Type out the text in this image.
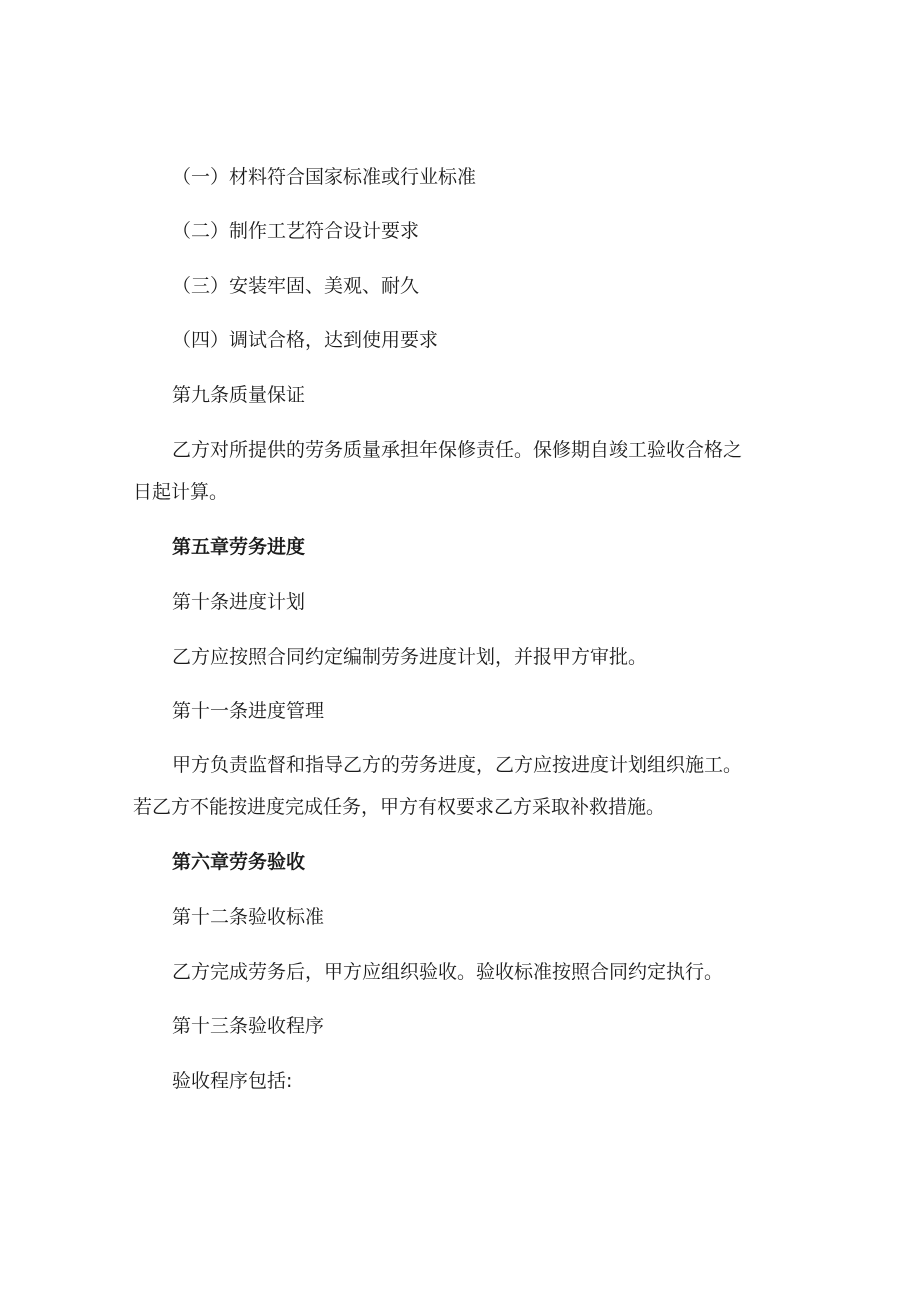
（一）材料符合国家标准或行业标准

（二）制作工艺符合设计要求

（三）安装牢固、美观、耐久

（四）调试合格，达到使用要求

第九条质量保证

乙方对所提供的劳务质量承担年保修责任。保修期自竣工验收合格之

日起计算。

第五章劳务进度

第十条进度计划

乙方应按照合同约定编制劳务进度计划，并报甲方审批。

第十一条进度管理

甲方负责监督和指导乙方的劳务进度，乙方应按进度计划组织施工。

若乙方不能按进度完成任务，甲方有权要求乙方采取补救措施。

第六章劳务验收

第十二条验收标准

乙方完成劳务后，甲方应组织验收。验收标准按照合同约定执行。

第十三条验收程序

验收程序包括:
